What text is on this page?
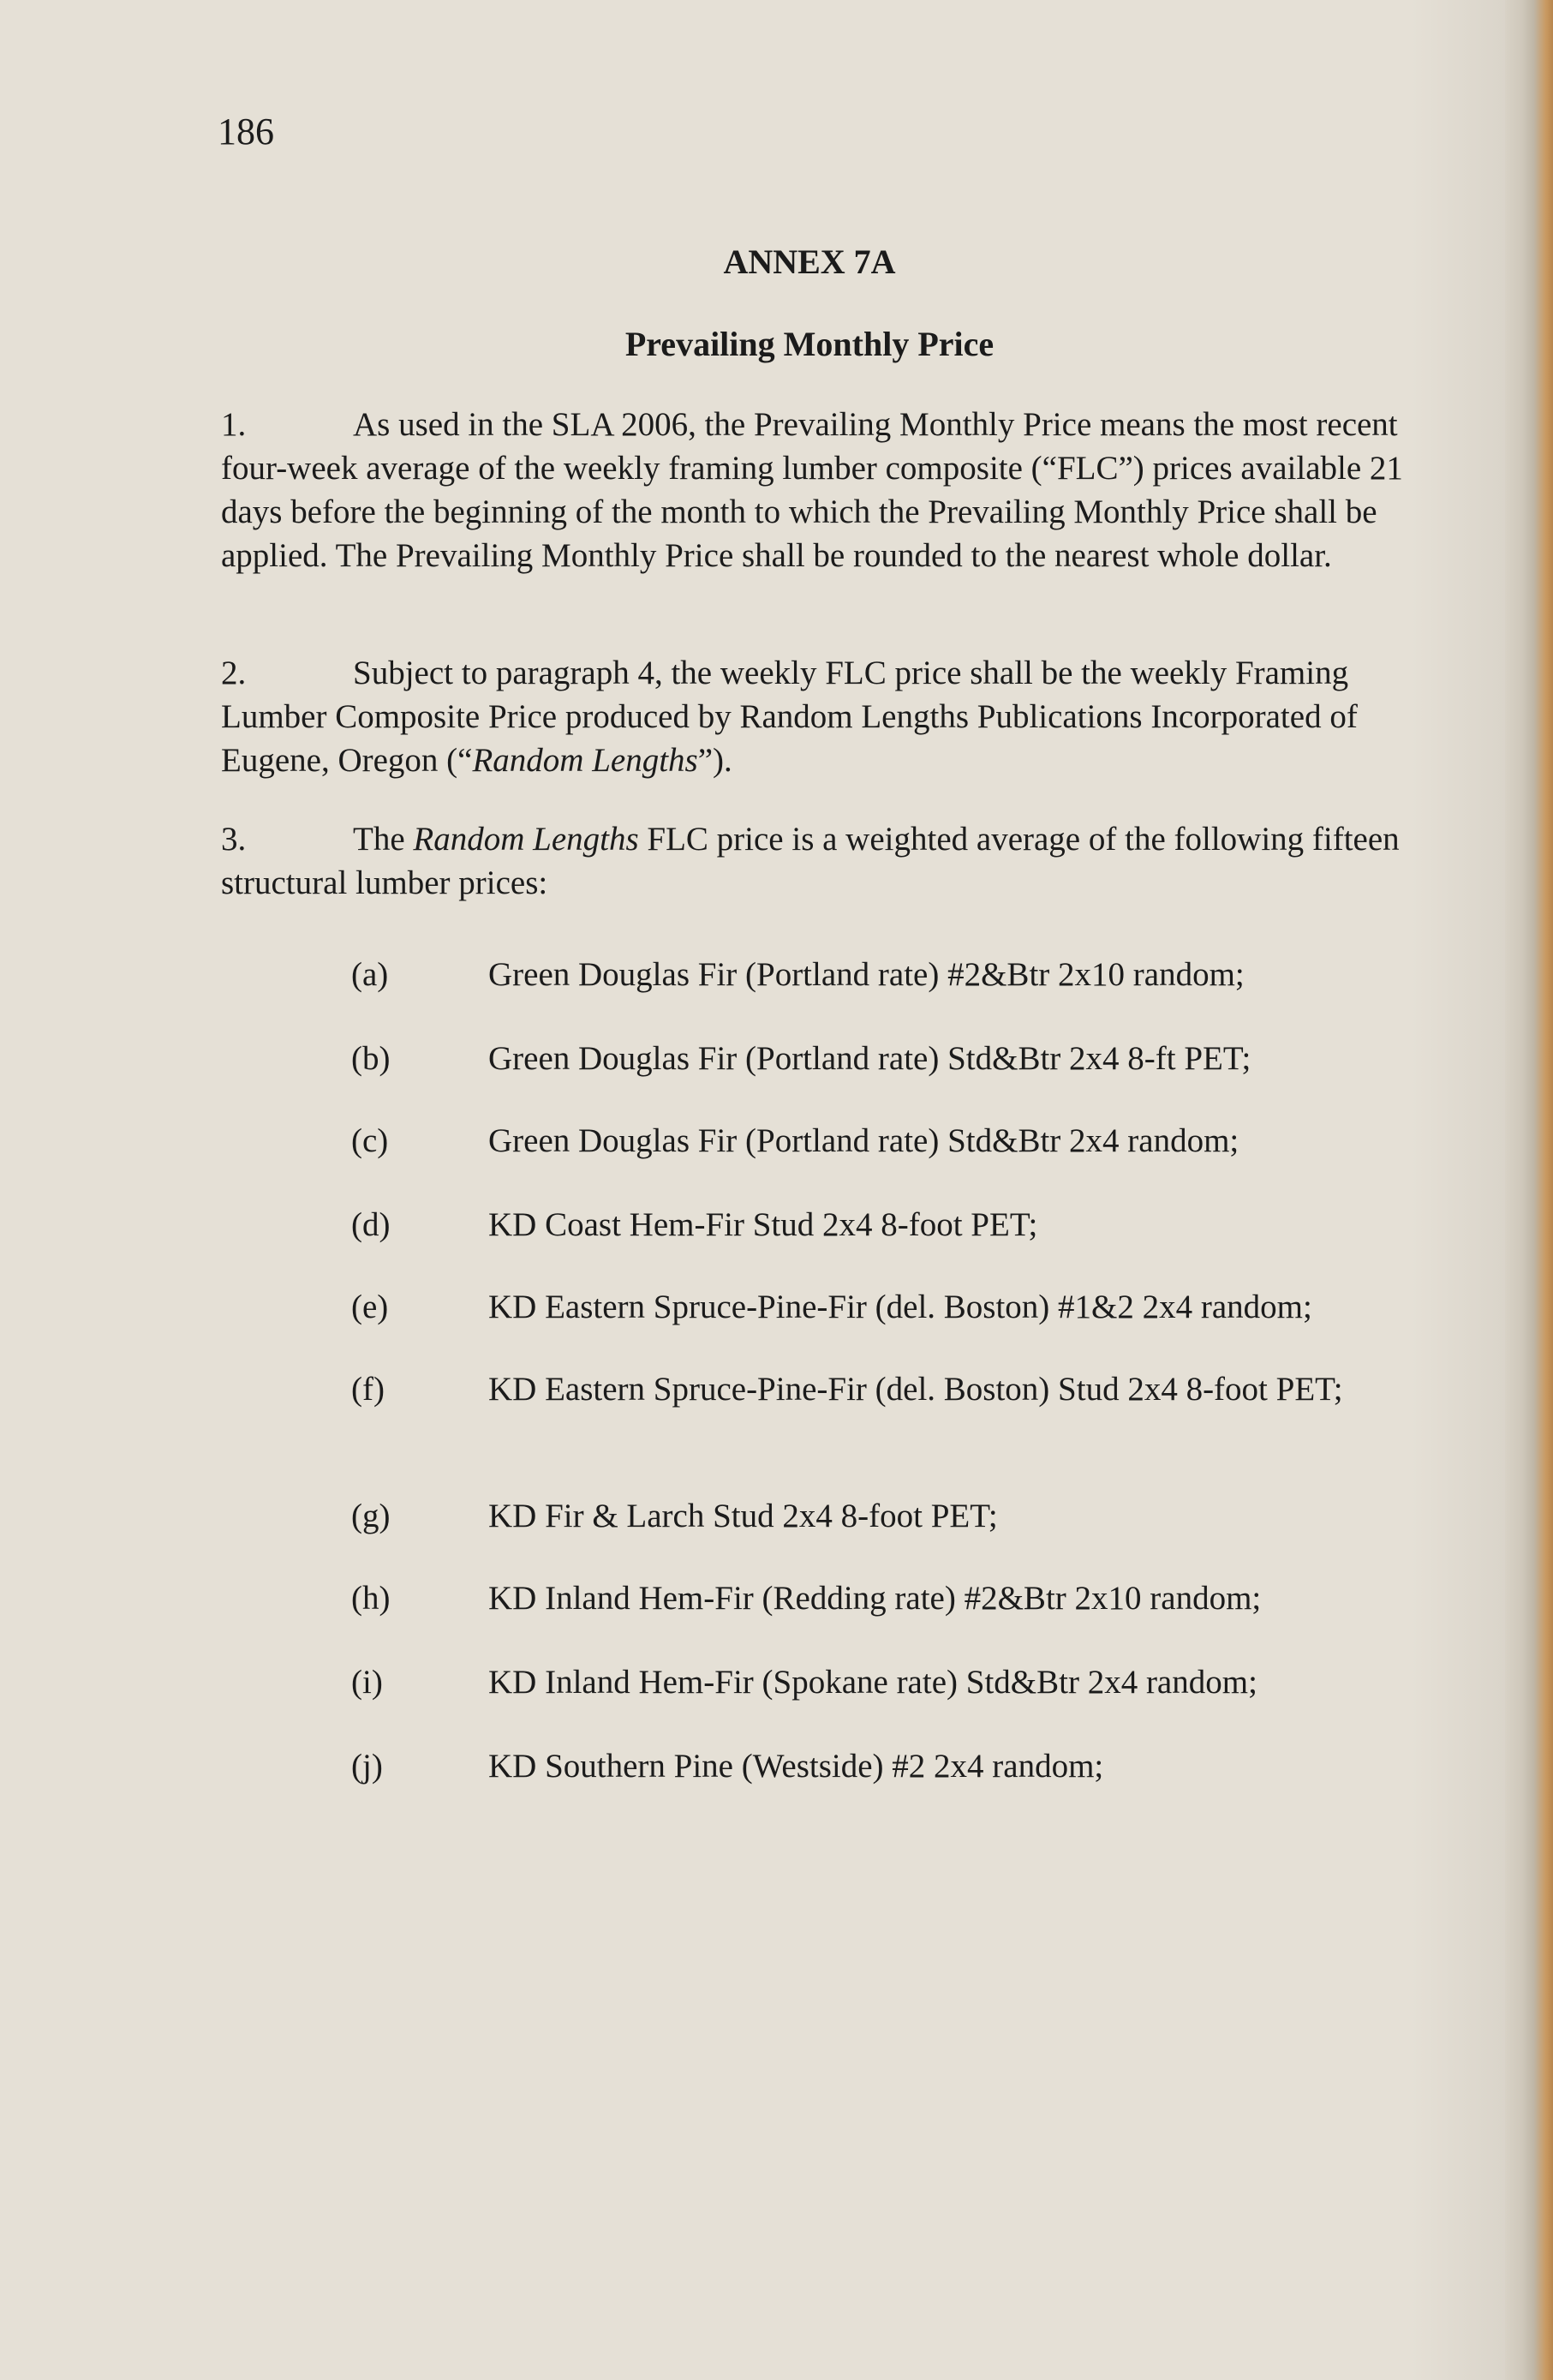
186
ANNEX 7A
Prevailing Monthly Price
1.	As used in the SLA 2006, the Prevailing Monthly Price means the most recent four-week average of the weekly framing lumber composite (“FLC”) prices available 21 days before the beginning of the month to which the Prevailing Monthly Price shall be applied. The Prevailing Monthly Price shall be rounded to the nearest whole dollar.
2.	Subject to paragraph 4, the weekly FLC price shall be the weekly Framing Lumber Composite Price produced by Random Lengths Publications Incorporated of Eugene, Oregon (“Random Lengths”).
3.	The Random Lengths FLC price is a weighted average of the following fifteen structural lumber prices:
(a)	Green Douglas Fir (Portland rate) #2&Btr 2x10 random;
(b)	Green Douglas Fir (Portland rate) Std&Btr 2x4 8-ft PET;
(c)	Green Douglas Fir (Portland rate) Std&Btr 2x4 random;
(d)	KD Coast Hem-Fir Stud 2x4 8-foot PET;
(e)	KD Eastern Spruce-Pine-Fir (del. Boston) #1&2 2x4 random;
(f)	KD Eastern Spruce-Pine-Fir (del. Boston) Stud 2x4 8-foot PET;
(g)	KD Fir & Larch Stud 2x4 8-foot PET;
(h)	KD Inland Hem-Fir (Redding rate) #2&Btr 2x10 random;
(i)	KD Inland Hem-Fir (Spokane rate) Std&Btr 2x4 random;
(j)	KD Southern Pine (Westside) #2 2x4 random;
